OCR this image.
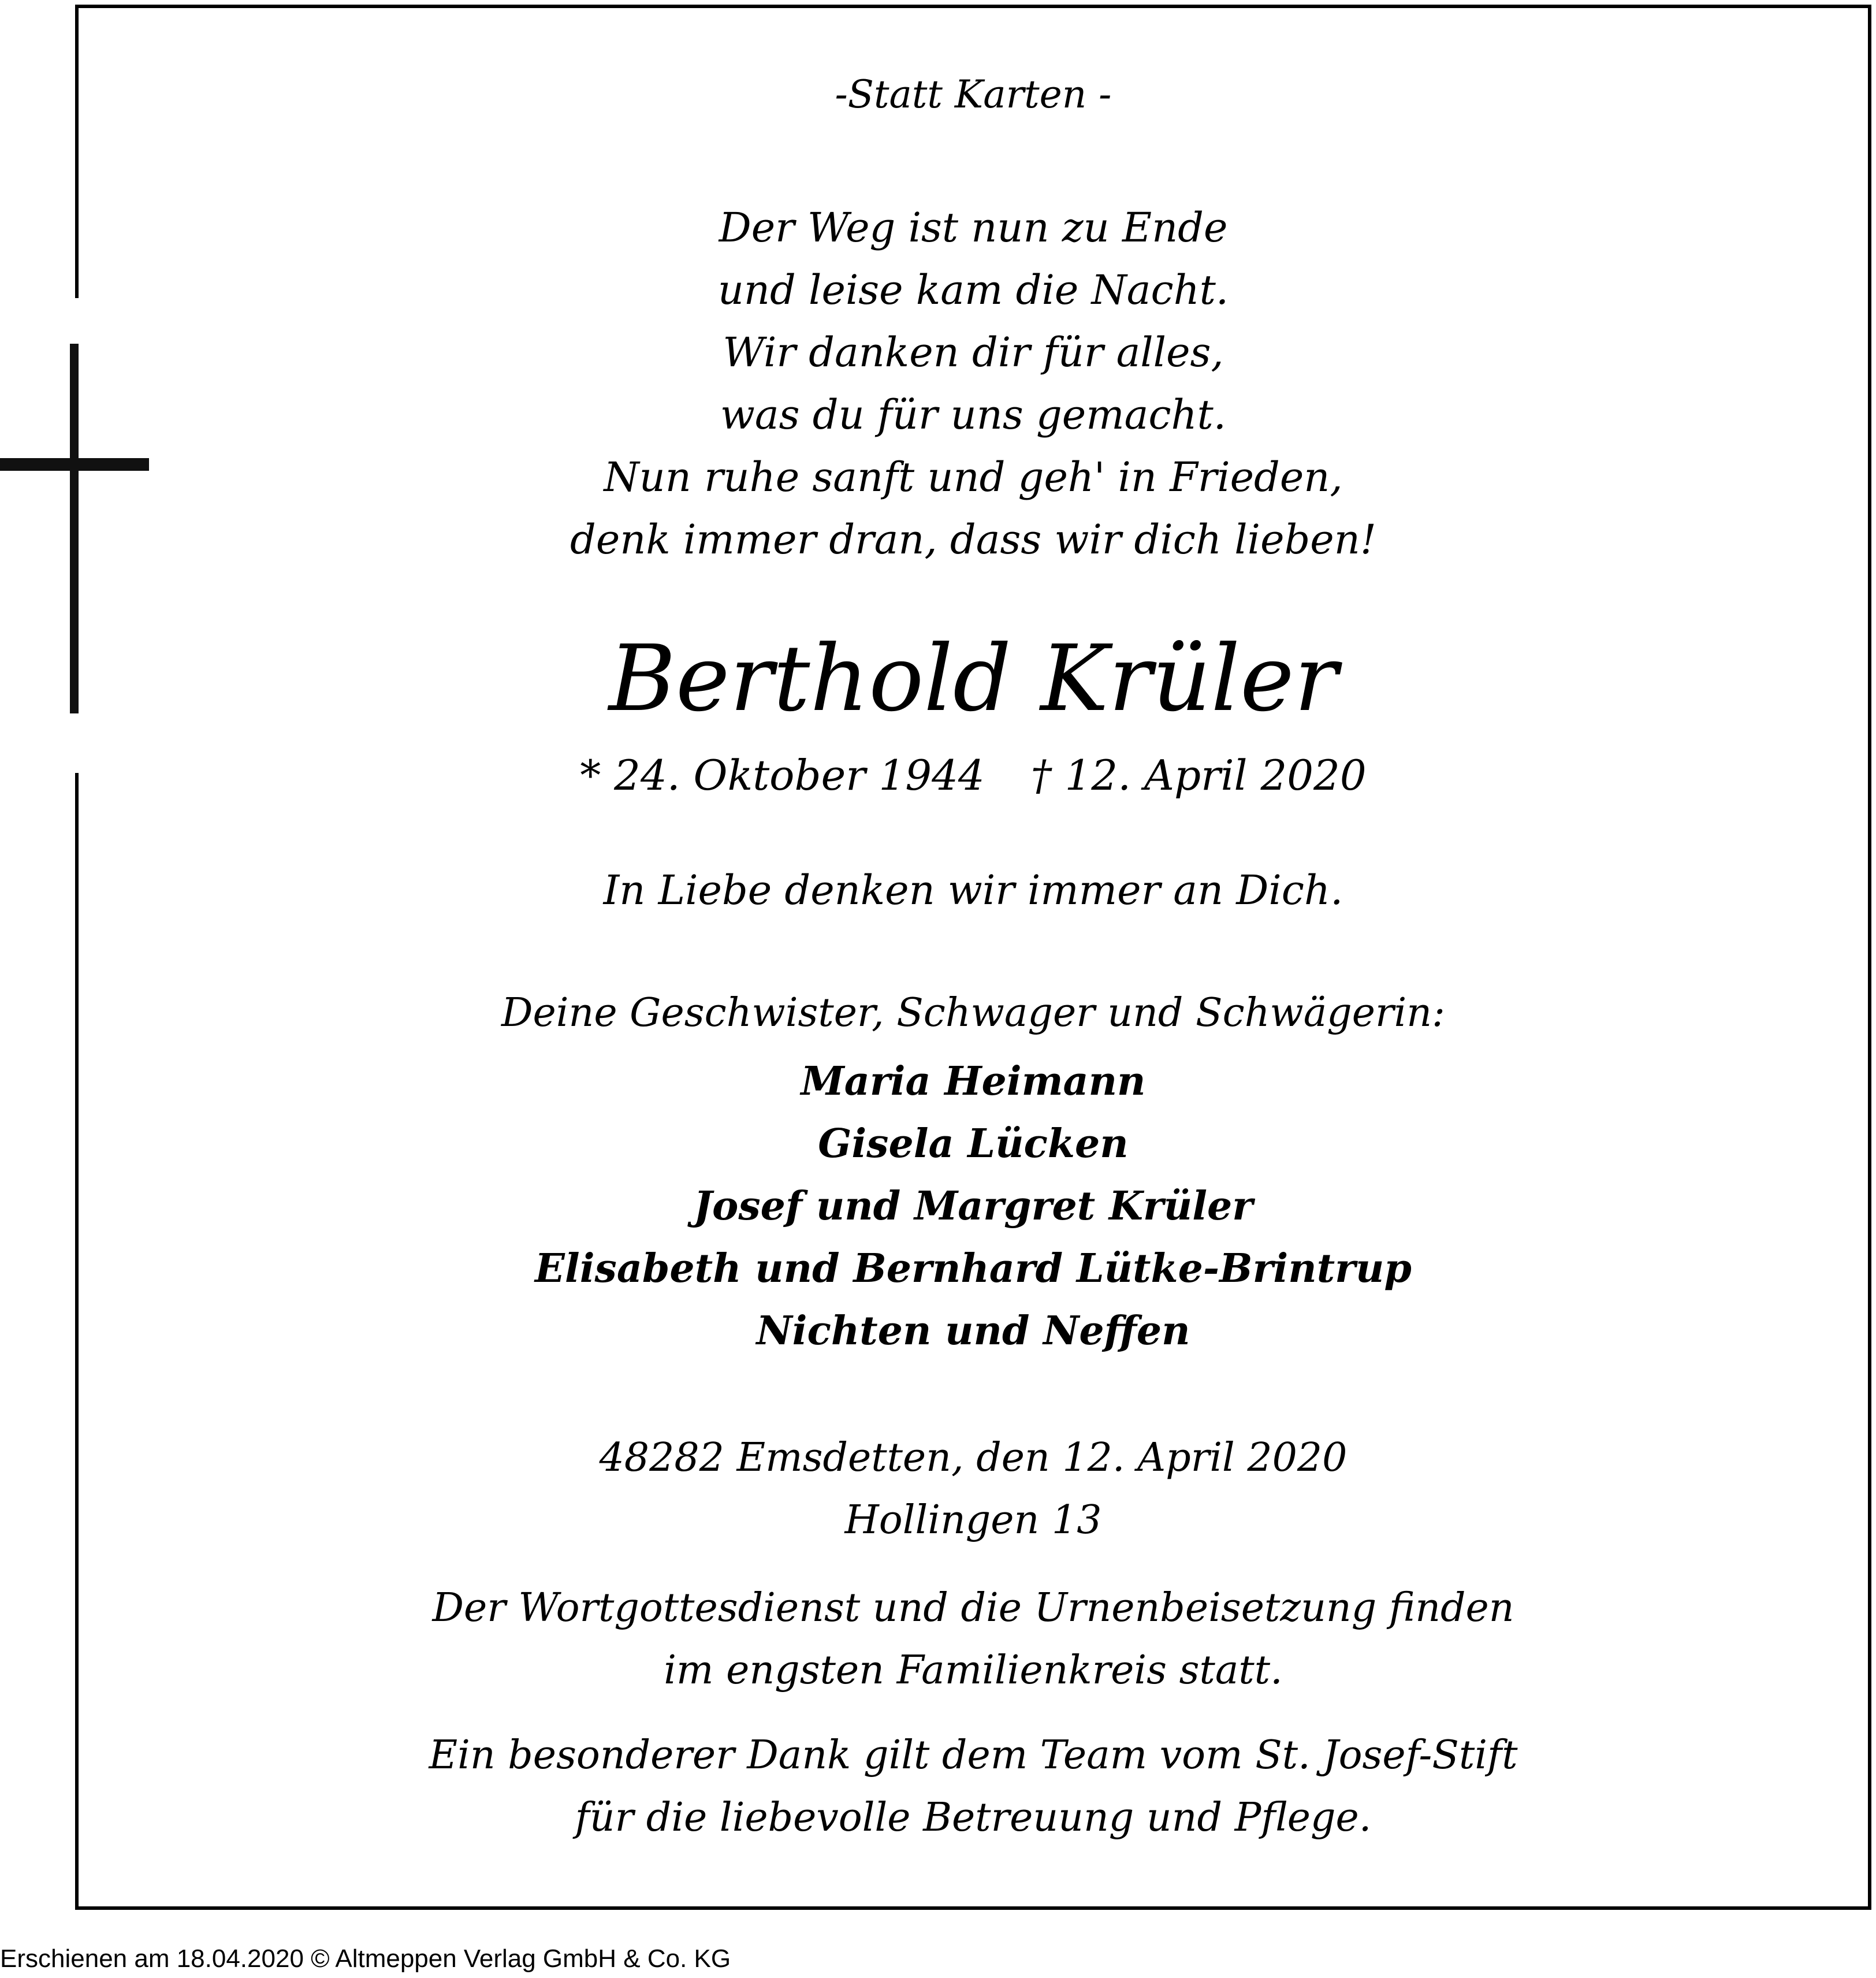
-Statt Karten -
Der Weg ist nun zu Ende
und leise kam die Nacht.
Wir danken dir für alles,
was du für uns gemacht.
Nun ruhe sanft und geh' in Frieden,
denk immer dran, dass wir dich lieben!
Berthold Krüler
* 24. Oktober 1944 † 12. April 2020
In Liebe denken wir immer an Dich.
Deine Geschwister, Schwager und Schwägerin:
Maria Heimann
Gisela Lücken
Josef und Margret Krüler
Elisabeth und Bernhard Lütke-Brintrup
Nichten und Neffen
48282 Emsdetten, den 12. April 2020
Hollingen 13
Der Wortgottesdienst und die Urnenbeisetzung finden
im engsten Familienkreis statt.
Ein besonderer Dank gilt dem Team vom St. Josef-Stift
für die liebevolle Betreuung und Pflege.
Erschienen am 18.04.2020 © Altmeppen Verlag GmbH & Co. KG
